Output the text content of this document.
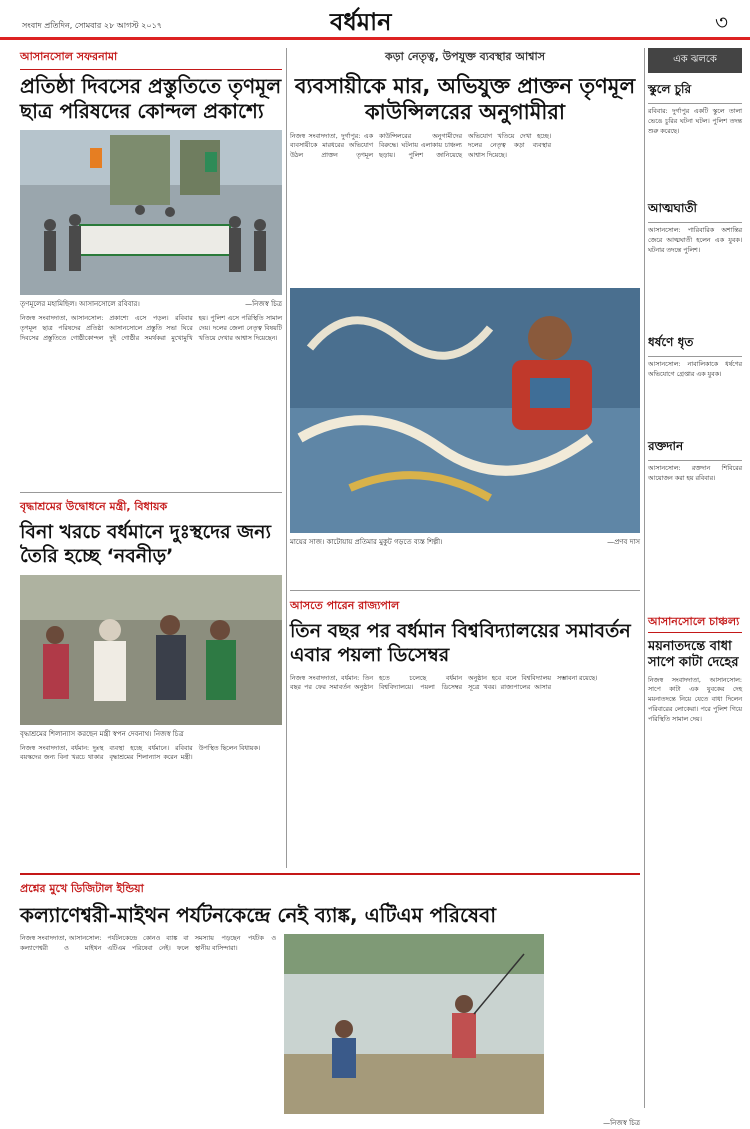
সংবাদ প্রতিদিন, সোমবার ২৮ আগস্ট ২০১৭	বর্ধমান	৩
আসানসোল সফরনামা
প্রতিষ্ঠা দিবসের প্রস্তুতিতে তৃণমূল ছাত্র পরিষদের কোন্দল প্রকাশ্যে
তৃণমূলের মহামিছিল। আসানসোলে রবিবার।	—নিজস্ব চিত্র
নিজস্ব সংবাদদাতা, আসানসোল: তৃণমূল ছাত্র পরিষদের প্রতিষ্ঠা দিবসের প্রস্তুতিতে গোষ্ঠীকোন্দল প্রকাশ্যে এসে পড়ল। রবিবার আসানসোলে প্রস্তুতি সভা ঘিরে দুই গোষ্ঠীর সমর্থকরা মুখোমুখি হয়। পুলিশ এসে পরিস্থিতি সামাল দেয়। দলের জেলা নেতৃত্ব বিষয়টি খতিয়ে দেখার আশ্বাস দিয়েছেন।
কড়া নেতৃত্ব, উপযুক্ত ব্যবস্থার আশ্বাস
ব্যবসায়ীকে মার, অভিযুক্ত প্রাক্তন তৃণমূল কাউন্সিলরের অনুগামীরা
নিজস্ব সংবাদদাতা, দুর্গাপুর: এক ব্যবসায়ীকে মারধরের অভিযোগ উঠল প্রাক্তন তৃণমূল কাউন্সিলরের অনুগামীদের বিরুদ্ধে। ঘটনায় এলাকায় চাঞ্চল্য ছড়ায়। পুলিশ জানিয়েছে অভিযোগ খতিয়ে দেখা হচ্ছে। দলের নেতৃত্ব কড়া ব্যবস্থার আশ্বাস দিয়েছে।
মায়ের সাজ। কাটোয়ায় প্রতিমার মুকুট গড়তে ব্যস্ত শিল্পী।	—প্রণব দাস
এক ঝলকে
স্কুলে চুরি
রবিবার: দুর্গাপুর একটি স্কুলে তালা ভেঙে চুরির ঘটনা ঘটল। পুলিশ তদন্ত শুরু করেছে।
আত্মঘাতী
আসানসোল: পারিবারিক অশান্তির জেরে আত্মঘাতী হলেন এক যুবক। ঘটনার তদন্তে পুলিশ।
ধর্ষণে ধৃত
আসানসোল: নাবালিকাকে ধর্ষণের অভিযোগে গ্রেপ্তার এক যুবক।
রক্তদান
আসানসোল: রক্তদান শিবিরের আয়োজন করা হয় রবিবার।
বৃদ্ধাশ্রমের উদ্বোধনে মন্ত্রী, বিধায়ক
বিনা খরচে বর্ধমানে দুঃস্থদের জন্য তৈরি হচ্ছে ‘নবনীড়’
বৃদ্ধাশ্রমের শিলান্যাস করছেন মন্ত্রী স্বপন দেবনাথ। নিজস্ব চিত্র
নিজস্ব সংবাদদাতা, বর্ধমান: দুঃস্থ বয়স্কদের জন্য বিনা খরচে থাকার ব্যবস্থা হচ্ছে বর্ধমানে। রবিবার বৃদ্ধাশ্রমের শিলান্যাস করেন মন্ত্রী। উপস্থিত ছিলেন বিধায়ক।
আসতে পারেন রাজ্যপাল
তিন বছর পর বর্ধমান বিশ্ববিদ্যালয়ের সমাবর্তন এবার পয়লা ডিসেম্বর
নিজস্ব সংবাদদাতা, বর্ধমান: তিন বছর পর ফের সমাবর্তন অনুষ্ঠান হতে চলেছে বর্ধমান বিশ্ববিদ্যালয়ে। পয়লা ডিসেম্বর অনুষ্ঠান হবে বলে বিশ্ববিদ্যালয় সূত্রে খবর। রাজ্যপালের আসার সম্ভাবনা রয়েছে।
আসানসোলে চাঞ্চল্য
ময়নাতদন্তে বাধা সাপে কাটা দেহের
নিজস্ব সংবাদদাতা, আসানসোল: সাপে কাটা এক যুবকের দেহ ময়নাতদন্তে নিয়ে যেতে বাধা দিলেন পরিবারের লোকেরা। পরে পুলিশ গিয়ে পরিস্থিতি সামাল দেয়।
প্রশ্নের মুখে ডিজিটাল ইন্ডিয়া
কল্যাণেশ্বরী-মাইথন পর্যটনকেন্দ্রে নেই ব্যাঙ্ক, এটিএম পরিষেবা
নিজস্ব সংবাদদাতা, আসানসোল: কল্যাণেশ্বরী ও মাইথন পর্যটনকেন্দ্রে কোনও ব্যাঙ্ক বা এটিএম পরিষেবা নেই। ফলে সমস্যায় পড়ছেন পর্যটক ও স্থানীয় বাসিন্দারা।
—নিজস্ব চিত্র
